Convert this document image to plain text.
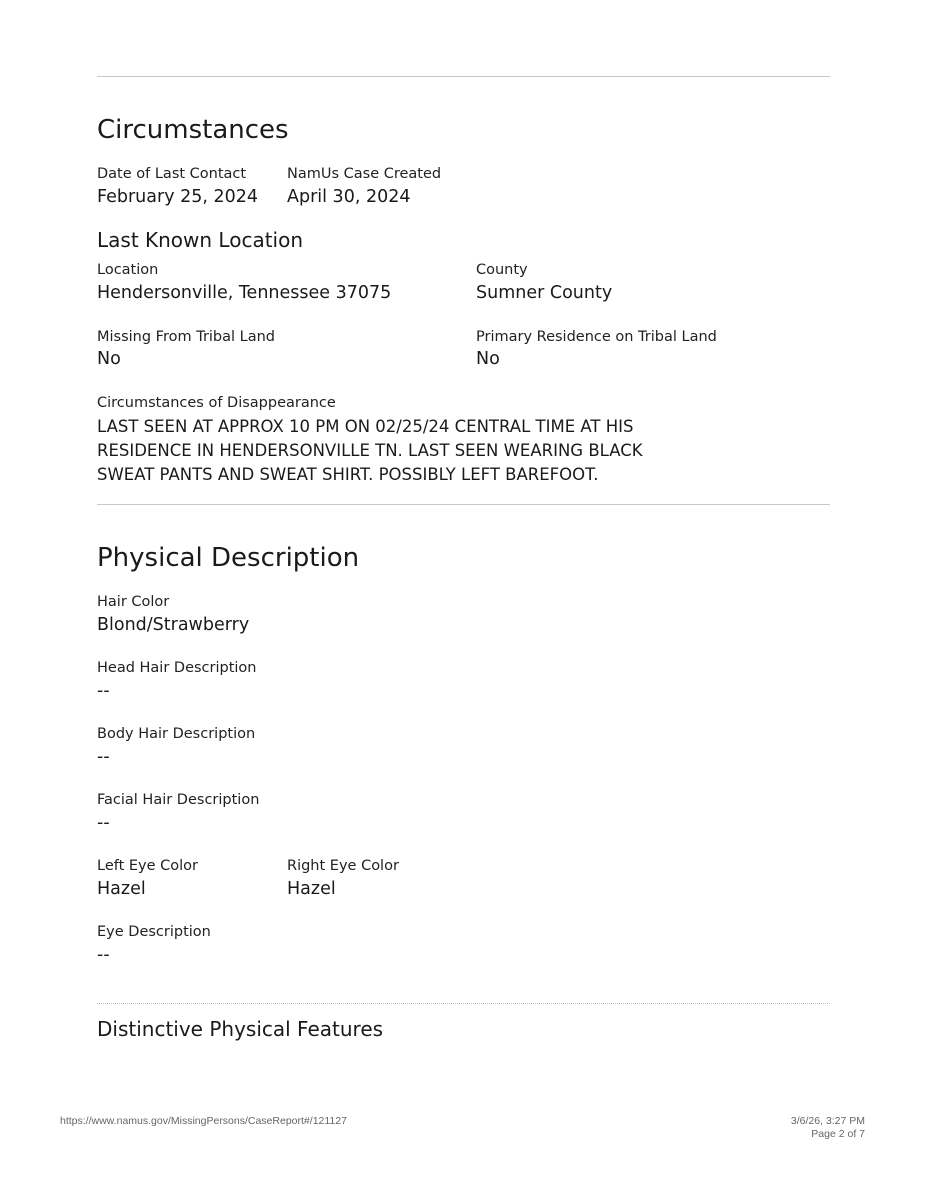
Circumstances
Date of Last Contact
February 25, 2024
NamUs Case Created
April 30, 2024
Last Known Location
Location
Hendersonville, Tennessee 37075
County
Sumner County
Missing From Tribal Land
No
Primary Residence on Tribal Land
No
Circumstances of Disappearance
LAST SEEN AT APPROX 10 PM ON 02/25/24 CENTRAL TIME AT HIS RESIDENCE IN HENDERSONVILLE TN. LAST SEEN WEARING BLACK SWEAT PANTS AND SWEAT SHIRT. POSSIBLY LEFT BAREFOOT.
Physical Description
Hair Color
Blond/Strawberry
Head Hair Description
--
Body Hair Description
--
Facial Hair Description
--
Left Eye Color
Hazel
Right Eye Color
Hazel
Eye Description
--
Distinctive Physical Features
https://www.namus.gov/MissingPersons/CaseReport#/121127	3/6/26, 3:27 PM
Page 2 of 7
